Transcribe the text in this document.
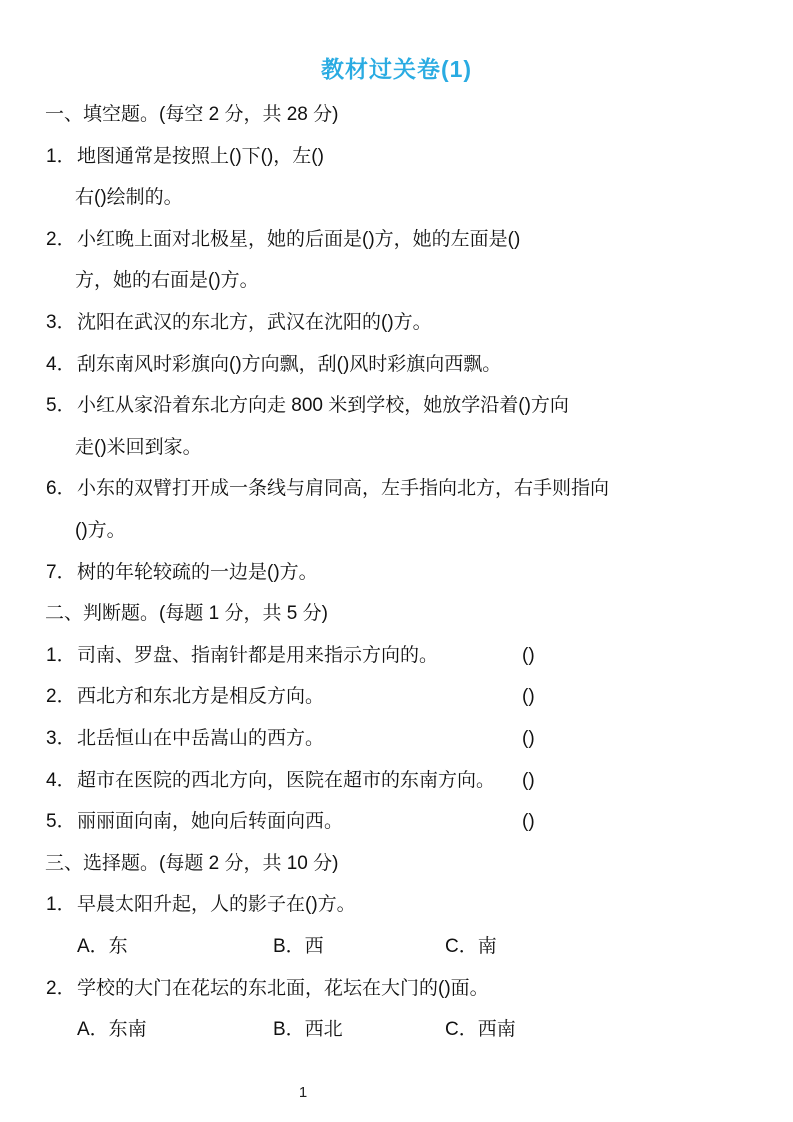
教材过关卷(1)
一、填空题。(每空 2 分，共 28 分)
1． 地图通常是按照上()下()，左()
右()绘制的。
2． 小红晚上面对北极星，她的后面是()方，她的左面是()
方，她的右面是()方。
3． 沈阳在武汉的东北方，武汉在沈阳的()方。
4． 刮东南风时彩旗向()方向飘，刮()风时彩旗向西飘。
5． 小红从家沿着东北方向走 800 米到学校，她放学沿着()方向
走()米回到家。
6． 小东的双臂打开成一条线与肩同高，左手指向北方，右手则指向
()方。
7． 树的年轮较疏的一边是()方。
二、判断题。(每题 1 分，共 5 分)
1． 司南、罗盘、指南针都是用来指示方向的。	()
2． 西北方和东北方是相反方向。	()
3． 北岳恒山在中岳嵩山的西方。	()
4． 超市在医院的西北方向，医院在超市的东南方向。 ()
5． 丽丽面向南，她向后转面向西。	()
三、选择题。(每题 2 分，共 10 分)
1． 早晨太阳升起，人的影子在()方。
A．东	B．西	C．南
2． 学校的大门在花坛的东北面，花坛在大门的()面。
A．东南	B．西北	C．西南
1
